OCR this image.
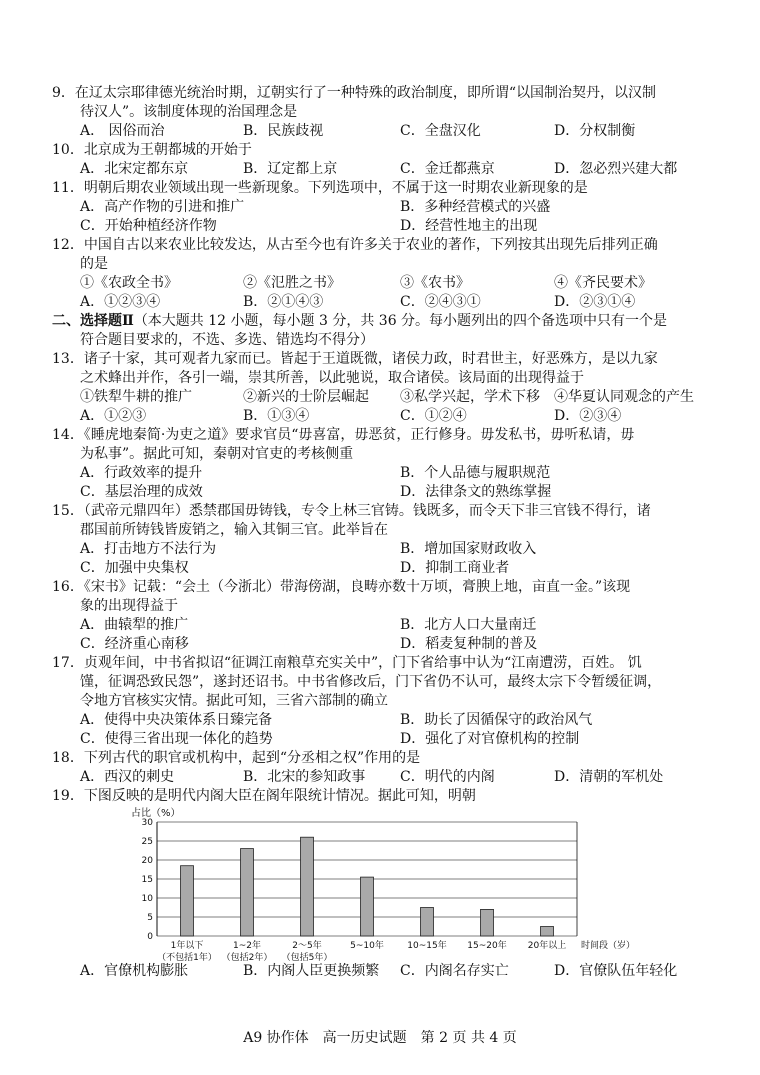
9．在辽太宗耶律德光统治时期，辽朝实行了一种特殊的政治制度，即所谓“以国制治契丹，以汉制
待汉人”。该制度体现的治国理念是
A． 因俗而治	B．民族歧视	C．全盘汉化	D．分权制衡
10．北京成为王朝都城的开始于
A．北宋定都东京	B．辽定都上京	C．金迁都燕京	D．忽必烈兴建大都
11．明朝后期农业领域出现一些新现象。下列选项中，不属于这一时期农业新现象的是
A．高产作物的引进和推广	B．多种经营模式的兴盛
C．开始种植经济作物	D．经营性地主的出现
12．中国自古以来农业比较发达，从古至今也有许多关于农业的著作，下列按其出现先后排列正确
的是
①《农政全书》	②《氾胜之书》	③《农书》	④《齐民要术》
A．①②③④	B．②①④③	C．②④③①	D．②③①④
二、选择题Ⅱ（本大题共 12 小题，每小题 3 分，共 36 分。每小题列出的四个备选项中只有一个是
符合题目要求的，不选、多选、错选均不得分）
13．诸子十家，其可观者九家而已。皆起于王道既微，诸侯力政，时君世主，好恶殊方，是以九家
之术蜂出并作，各引一端，崇其所善，以此驰说，取合诸侯。该局面的出现得益于
①铁犁牛耕的推广	②新兴的士阶层崛起 ③私学兴起，学术下移 ④华夏认同观念的产生
A．①②③	B．①③④	C．①②④	D．②③④
14．《睡虎地秦简·为吏之道》要求官员“毋喜富，毋恶贫，正行修身。毋发私书，毋听私请，毋
为私事”。据此可知，秦朝对官吏的考核侧重
A．行政效率的提升	B．个人品德与履职规范
C．基层治理的成效	D．法律条文的熟练掌握
15．（武帝元鼎四年）悉禁郡国毋铸钱，专令上林三官铸。钱既多，而令天下非三官钱不得行，诸
郡国前所铸钱皆废销之，输入其铜三官。此举旨在
A．打击地方不法行为	B．增加国家财政收入
C．加强中央集权	D．抑制工商业者
16．《宋书》记载：“会土（今浙北）带海傍湖，良畴亦数十万顷，膏腴上地，亩直一金。”该现
象的出现得益于
A．曲辕犁的推广	B．北方人口大量南迁
C．经济重心南移	D．稻麦复种制的普及
17．贞观年间，中书省拟诏“征调江南粮草充实关中”，门下省给事中认为“江南遭涝，百姓。 饥
馑，征调恐致民怨”，遂封还诏书。中书省修改后，门下省仍不认可，最终太宗下令暂缓征调，
令地方官核实灾情。据此可知，三省六部制的确立
A．使得中央决策体系日臻完备	B．助长了因循保守的政治风气
C．使得三省出现一体化的趋势	D．强化了对官僚机构的控制
18．下列古代的职官或机构中，起到“分丞相之权”作用的是
A．西汉的刺史	B．北宋的参知政事 C．明代的内阁	D．清朝的军机处
19．下图反映的是明代内阁大臣在阁年限统计情况。据此可知，明朝
占比（%）
0
5
10
15
20
25
30
1年以下
（不包括1年）
1~2年
（包括2年）
2～5年
（包括5年）
5~10年	10~15年 15~20年 20年以上 时间段（岁）
A．官僚机构膨胀	B．内阁人臣更换频繁 C．内阁名存实亡	D．官僚队伍年轻化
A9 协作体　高一历史试题　第 2 页 共 4 页
